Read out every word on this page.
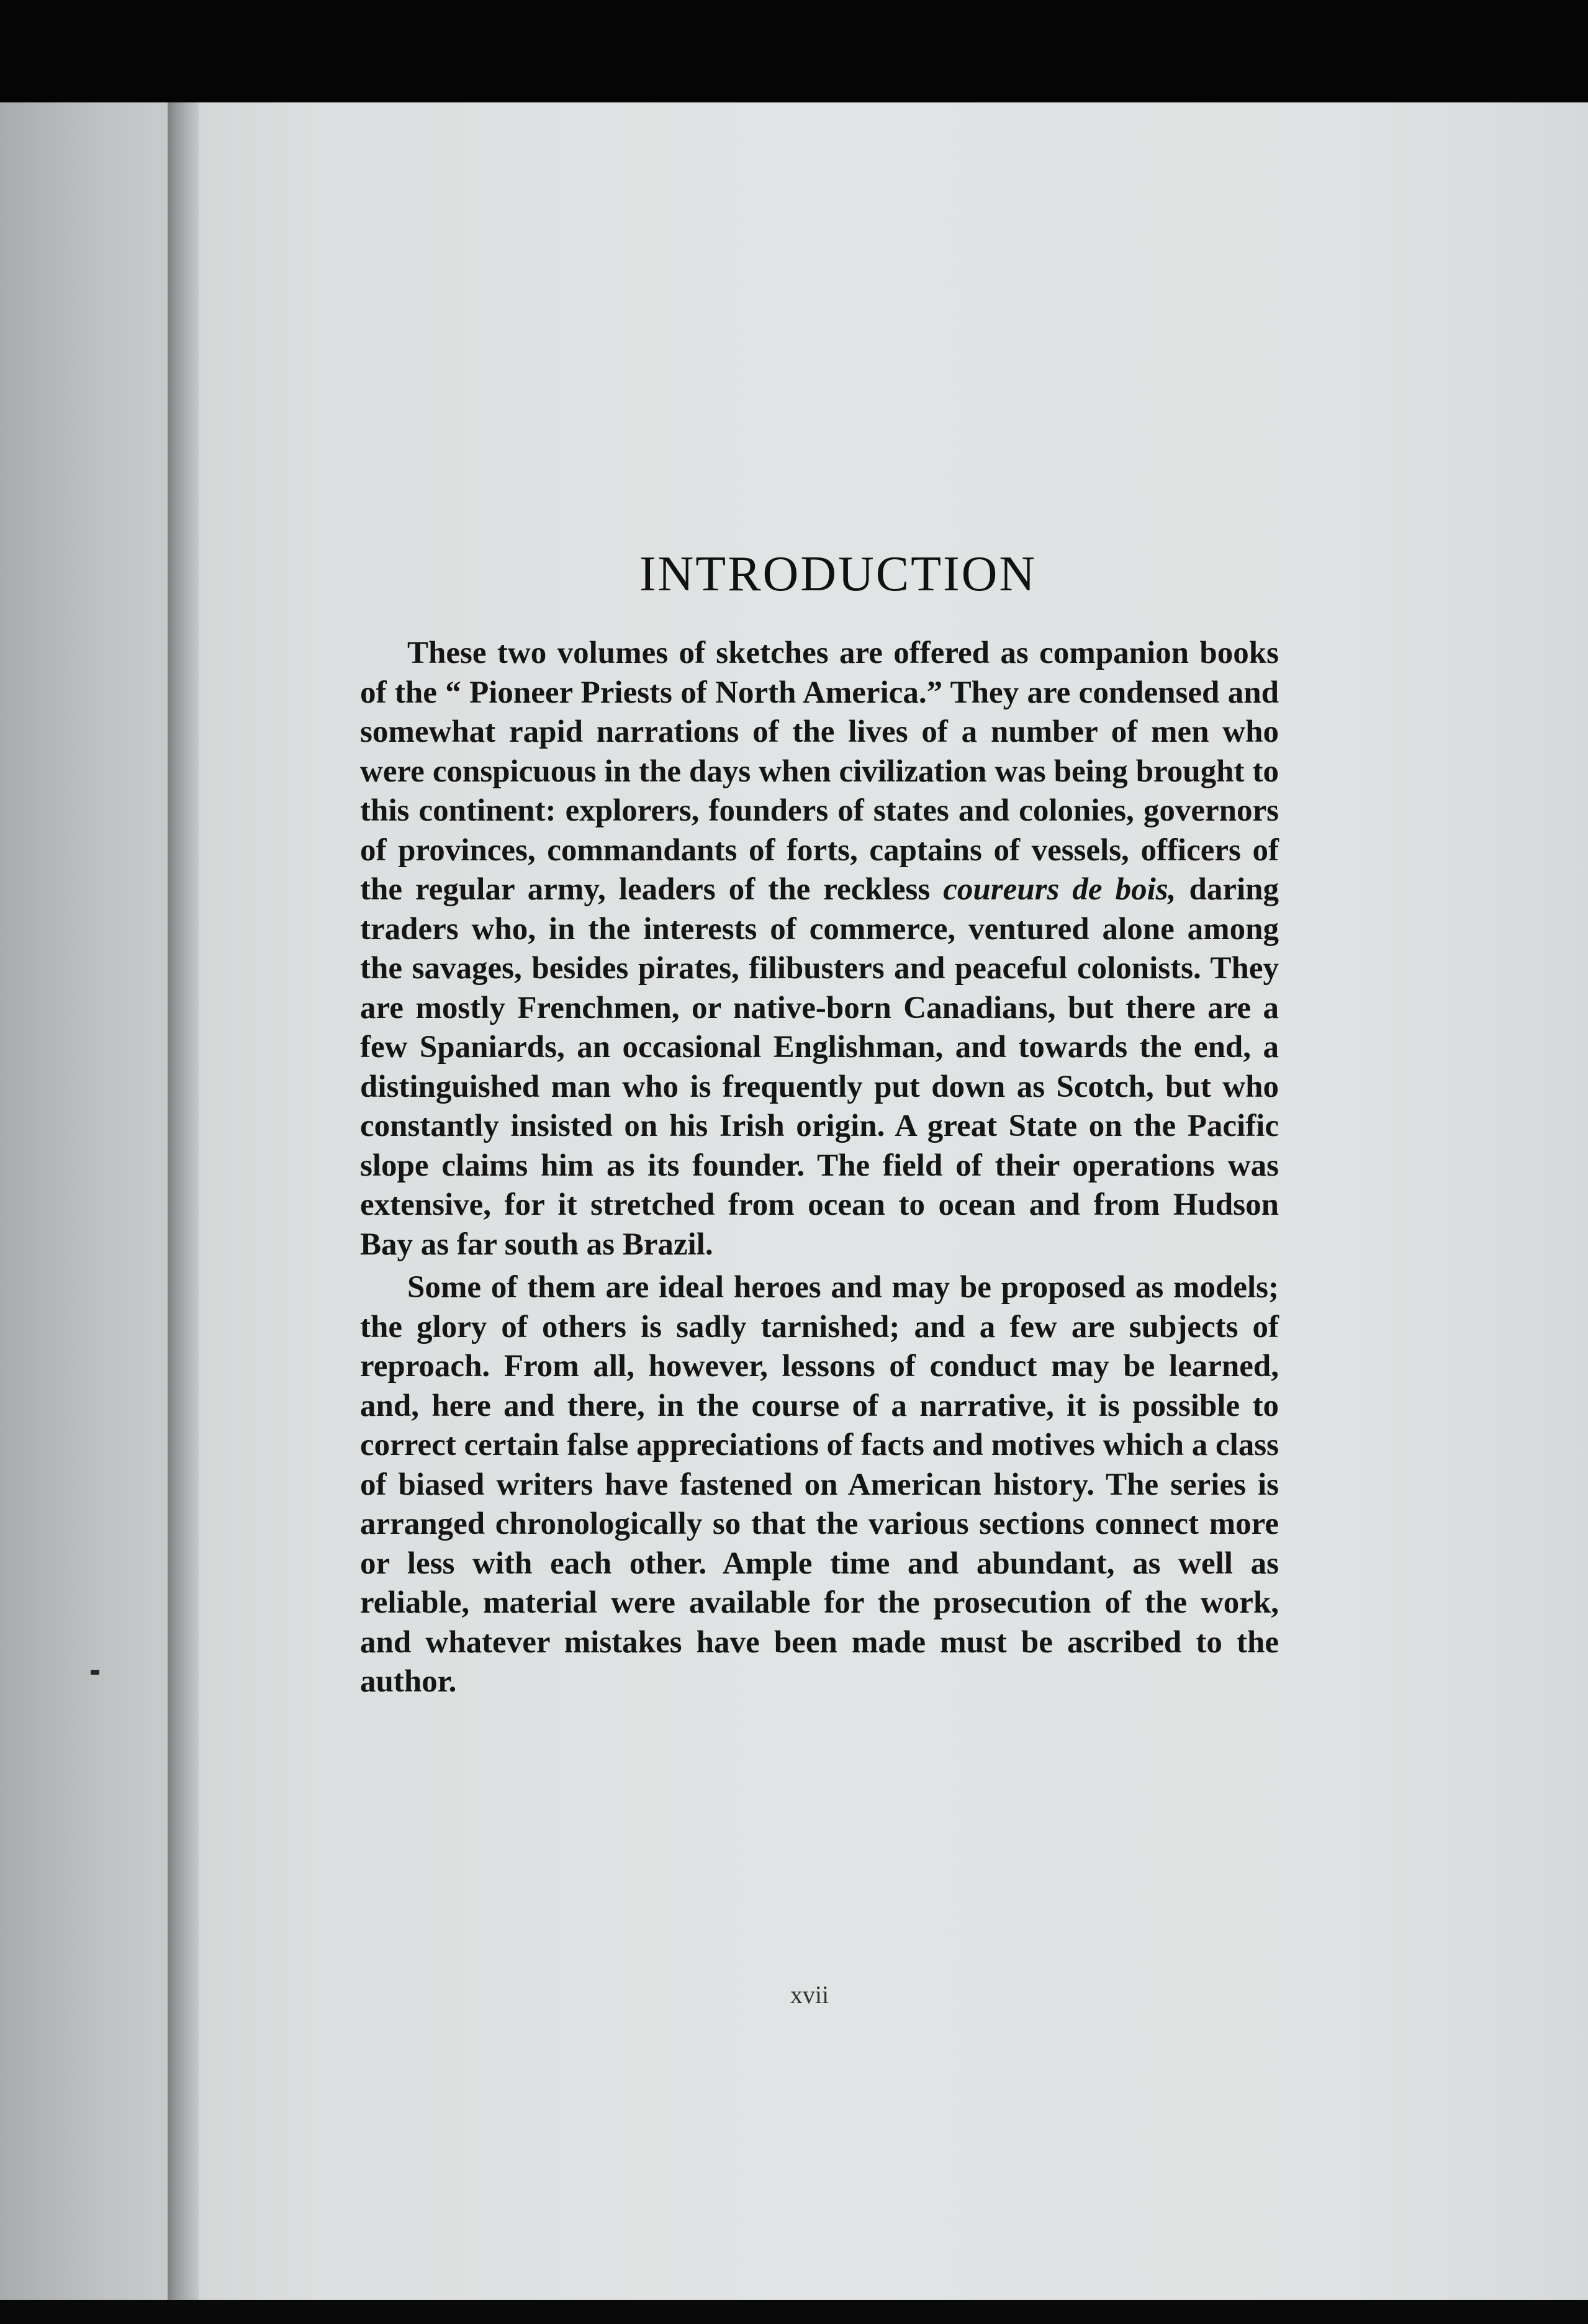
INTRODUCTION

These two volumes of sketches are offered as companion books of the “ Pioneer Priests of North America.” They are condensed and somewhat rapid narrations of the lives of a number of men who were conspicuous in the days when civilization was being brought to this continent: explorers, founders of states and colonies, governors of provinces, commandants of forts, captains of vessels, officers of the regular army, leaders of the reckless coureurs de bois, daring traders who, in the interests of commerce, ventured alone among the savages, besides pirates, filibusters and peaceful colonists. They are mostly Frenchmen, or native-born Canadians, but there are a few Spaniards, an occasional Englishman, and towards the end, a distinguished man who is frequently put down as Scotch, but who constantly insisted on his Irish origin. A great State on the Pacific slope claims him as its founder. The field of their operations was extensive, for it stretched from ocean to ocean and from Hudson Bay as far south as Brazil.

Some of them are ideal heroes and may be proposed as models; the glory of others is sadly tarnished; and a few are subjects of reproach. From all, however, lessons of conduct may be learned, and, here and there, in the course of a narrative, it is possible to correct certain false appreciations of facts and motives which a class of biased writers have fastened on American history. The series is arranged chronologically so that the various sections connect more or less with each other. Ample time and abundant, as well as reliable, material were available for the prosecution of the work, and whatever mistakes have been made must be ascribed to the author.

xvii
